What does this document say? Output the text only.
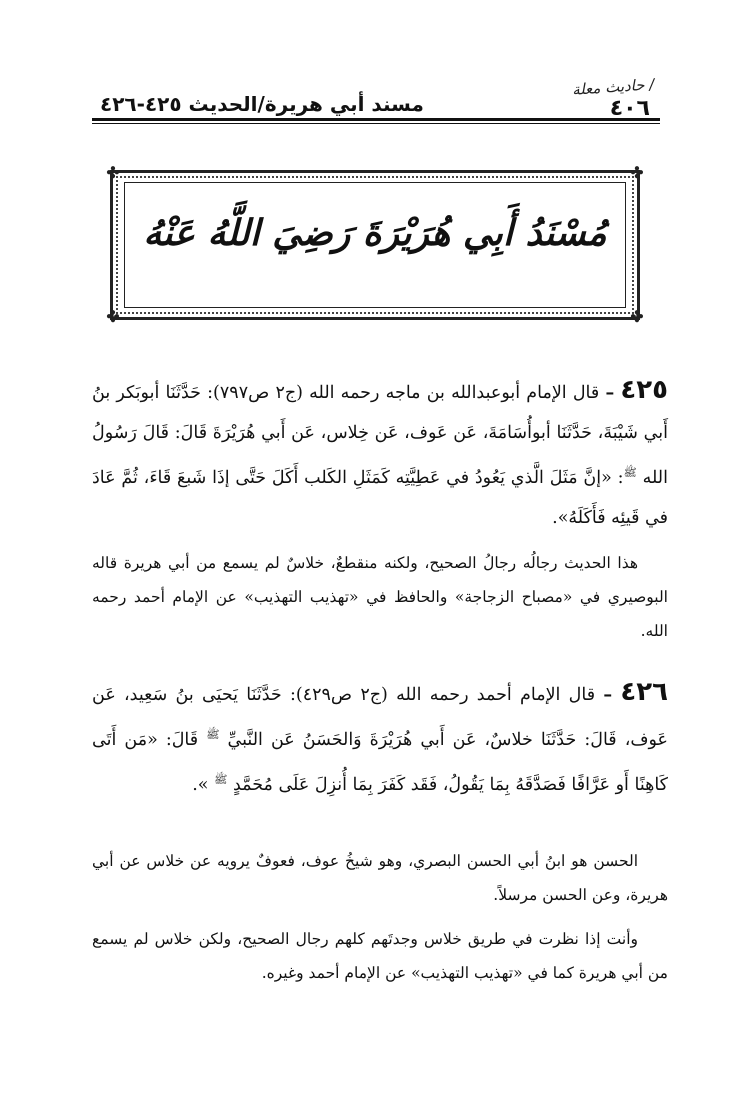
/ حاديث معلة
٤٠٦
مسند أبي هريرة/الحديث ٤٢٥-٤٢٦
✤	✤
✤	✤
مُسْنَدُ أَبِي هُرَيْرَةَ رَضِيَ اللَّهُ عَنْهُ
٤٢٥ – قال الإمام أبوعبدالله بن ماجه رحمه الله (ج٢ ص٧٩٧): حَدَّثَنَا أبوبَكر بنُ أَبي شَيْبَةَ، حَدَّثَنَا أبوأُسَامَةَ، عَن عَوف، عَن خِلاس، عَن أَبي هُرَيْرَةَ قَالَ: قَالَ رَسُولُ الله $^ﷺ$: «إنَّ مَثَلَ الَّذي يَعُودُ في عَطِيَّتِه كَمَثَلِ الكَلب أَكَلَ حَتَّى إذَا شَبعَ قَاءَ، ثُمَّ عَادَ في قَيئِه فَأَكَلَهُ».
هذا الحديث رجالُه رجالُ الصحيح، ولكنه منقطعٌ، خلاسٌ لم يسمع من أبي هريرة قاله البوصيري في «مصباح الزجاجة» والحافظ في «تهذيب التهذيب» عن الإمام أحمد رحمه الله.
٤٢٦ – قال الإمام أحمد رحمه الله (ج٢ ص٤٢٩): حَدَّثَنَا يَحيَى بنُ سَعِيد، عَن عَوف، قَالَ: حَدَّثَنَا خلاسٌ، عَن أَبي هُرَيْرَةَ وَالحَسَنُ عَن النَّبيِّ $^ﷺ$ قَالَ: «مَن أَتَى كَاهِنًا أَو عَرَّافًا فَصَدَّقَهُ بِمَا يَقُولُ، فَقَد كَفَرَ بِمَا أُنزِلَ عَلَى مُحَمَّدٍ $^ﷺ$ ».
الحسن هو ابنُ أبي الحسن البصري، وهو شيخُ عوف، فعوفٌ يرويه عن خلاس عن أبي هريرة، وعن الحسن مرسلاً.
وأنت إذا نظرت في طريق خلاس وجدتَهم كلهم رجال الصحيح، ولكن خلاس لم يسمع من أبي هريرة كما في «تهذيب التهذيب» عن الإمام أحمد وغيره.
